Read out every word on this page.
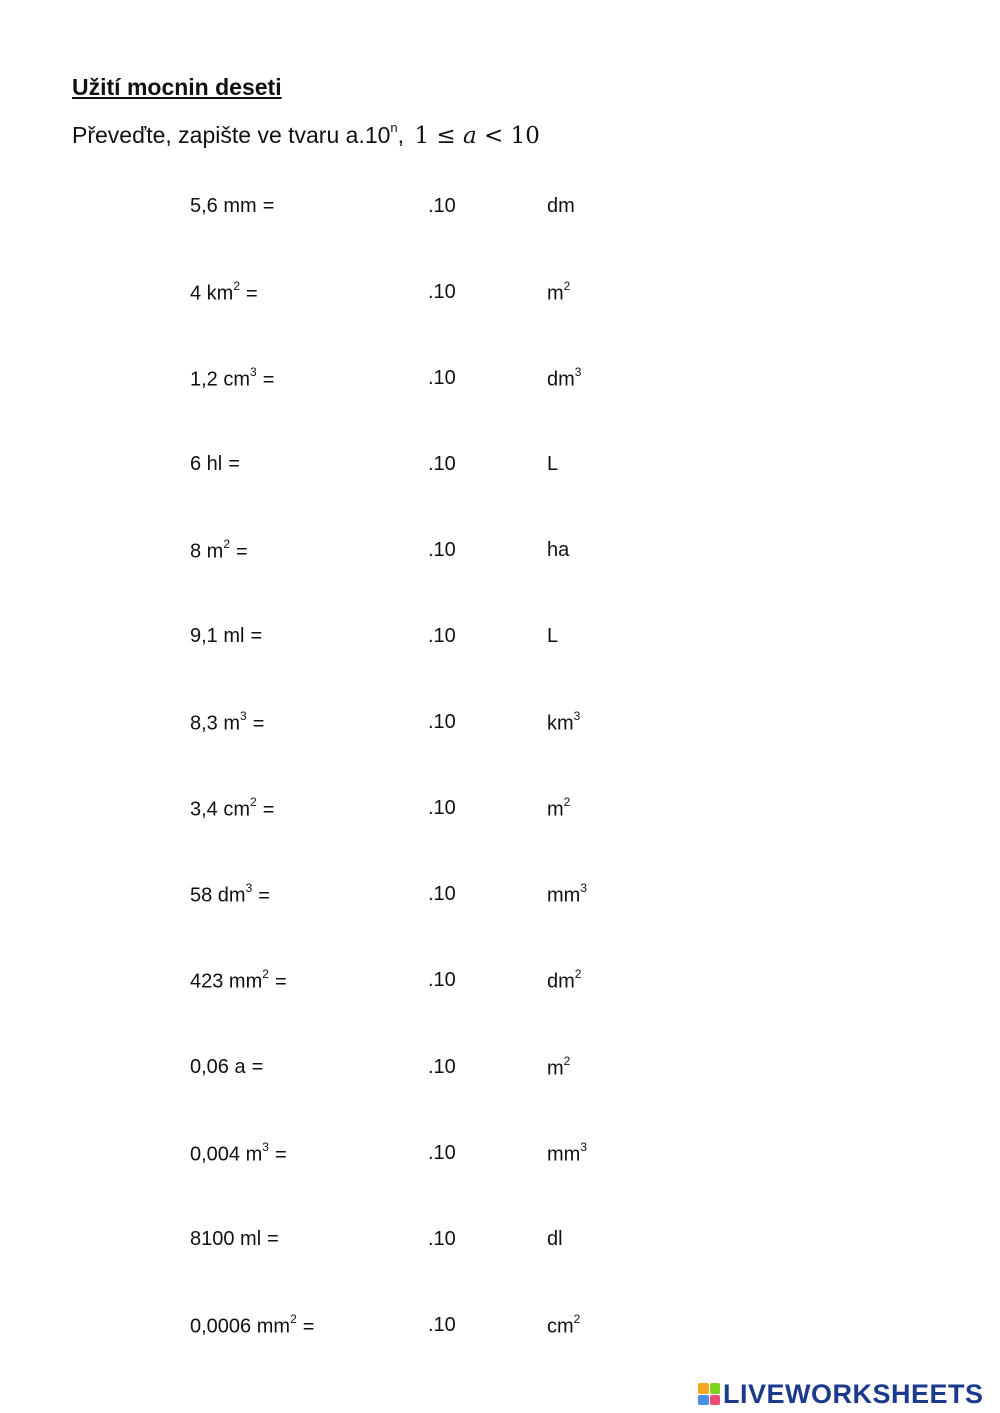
Užití mocnin deseti
Převeďte, zapište ve tvaru a.10$^n$, 1 ≤ a < 10
5,6 mm =	.10	dm
4 $km^2$ =	.10	$m^2$
1,2 $cm^3$ =	.10	$dm^3$
6 hl =	.10	L
8 $m^2$ =	.10	ha
9,1 ml =	.10	L
8,3 $m^3$ =	.10	$km^3$
3,4 $cm^2$ =	.10	$m^2$
58 $dm^3$ =	.10	$mm^3$
423 $mm^2$ =	.10	$dm^2$
0,06 a =	.10	$m^2$
0,004 $m^3$ =	.10	$mm^3$
8100 ml =	.10	dl
0,0006 $mm^2$ =	.10	$cm^2$
LIVEWORKSHEETS
